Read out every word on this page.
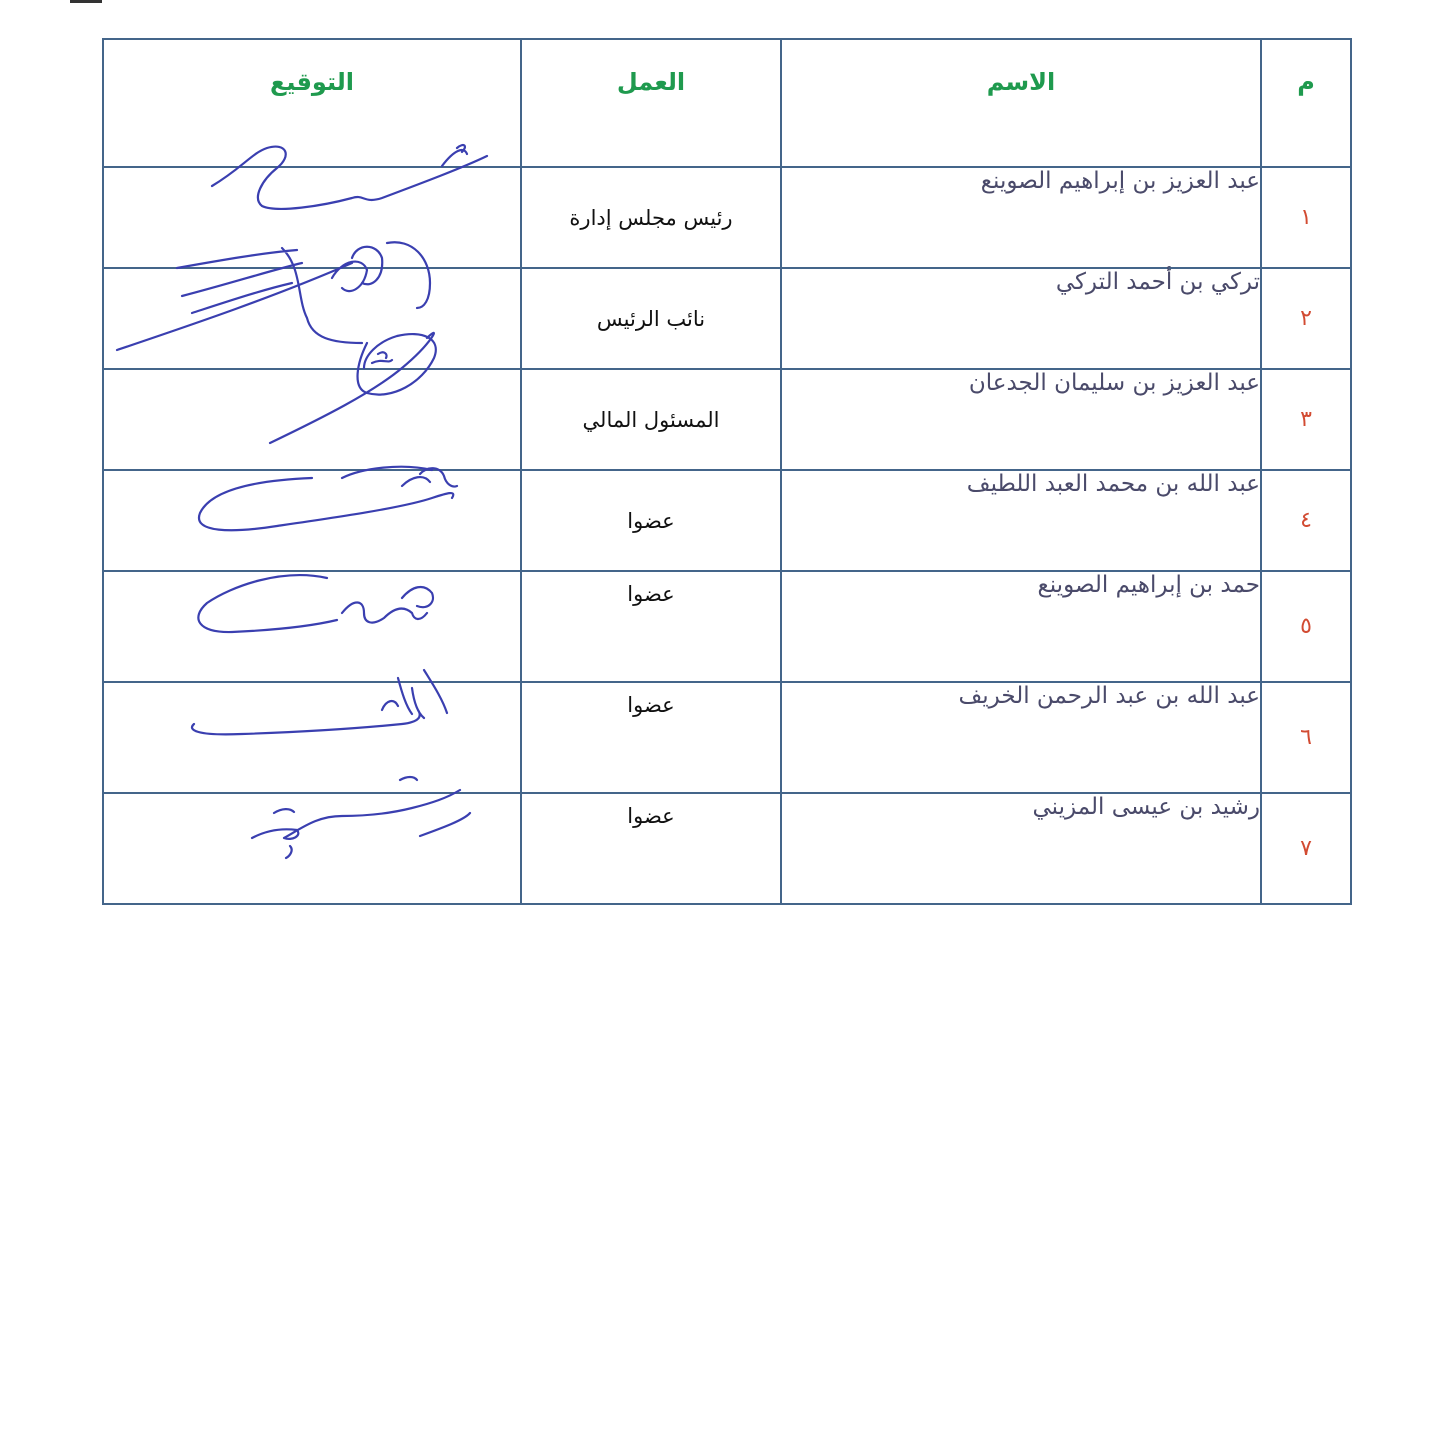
م	الاسم	العمل	التوقيع
١	عبد العزيز بن إبراهيم الصوينع	رئيس مجلس إدارة	
٢	تركي بن أحمد التركي	نائب الرئيس	
٣	عبد العزيز بن سليمان الجدعان	المسئول المالي	
٤	عبد الله بن محمد العبد اللطيف	عضوا	
٥	حمد بن إبراهيم الصوينع	عضوا	
٦	عبد الله بن عبد الرحمن الخريف	عضوا	
٧	رشيد بن عيسى المزيني	عضوا	
